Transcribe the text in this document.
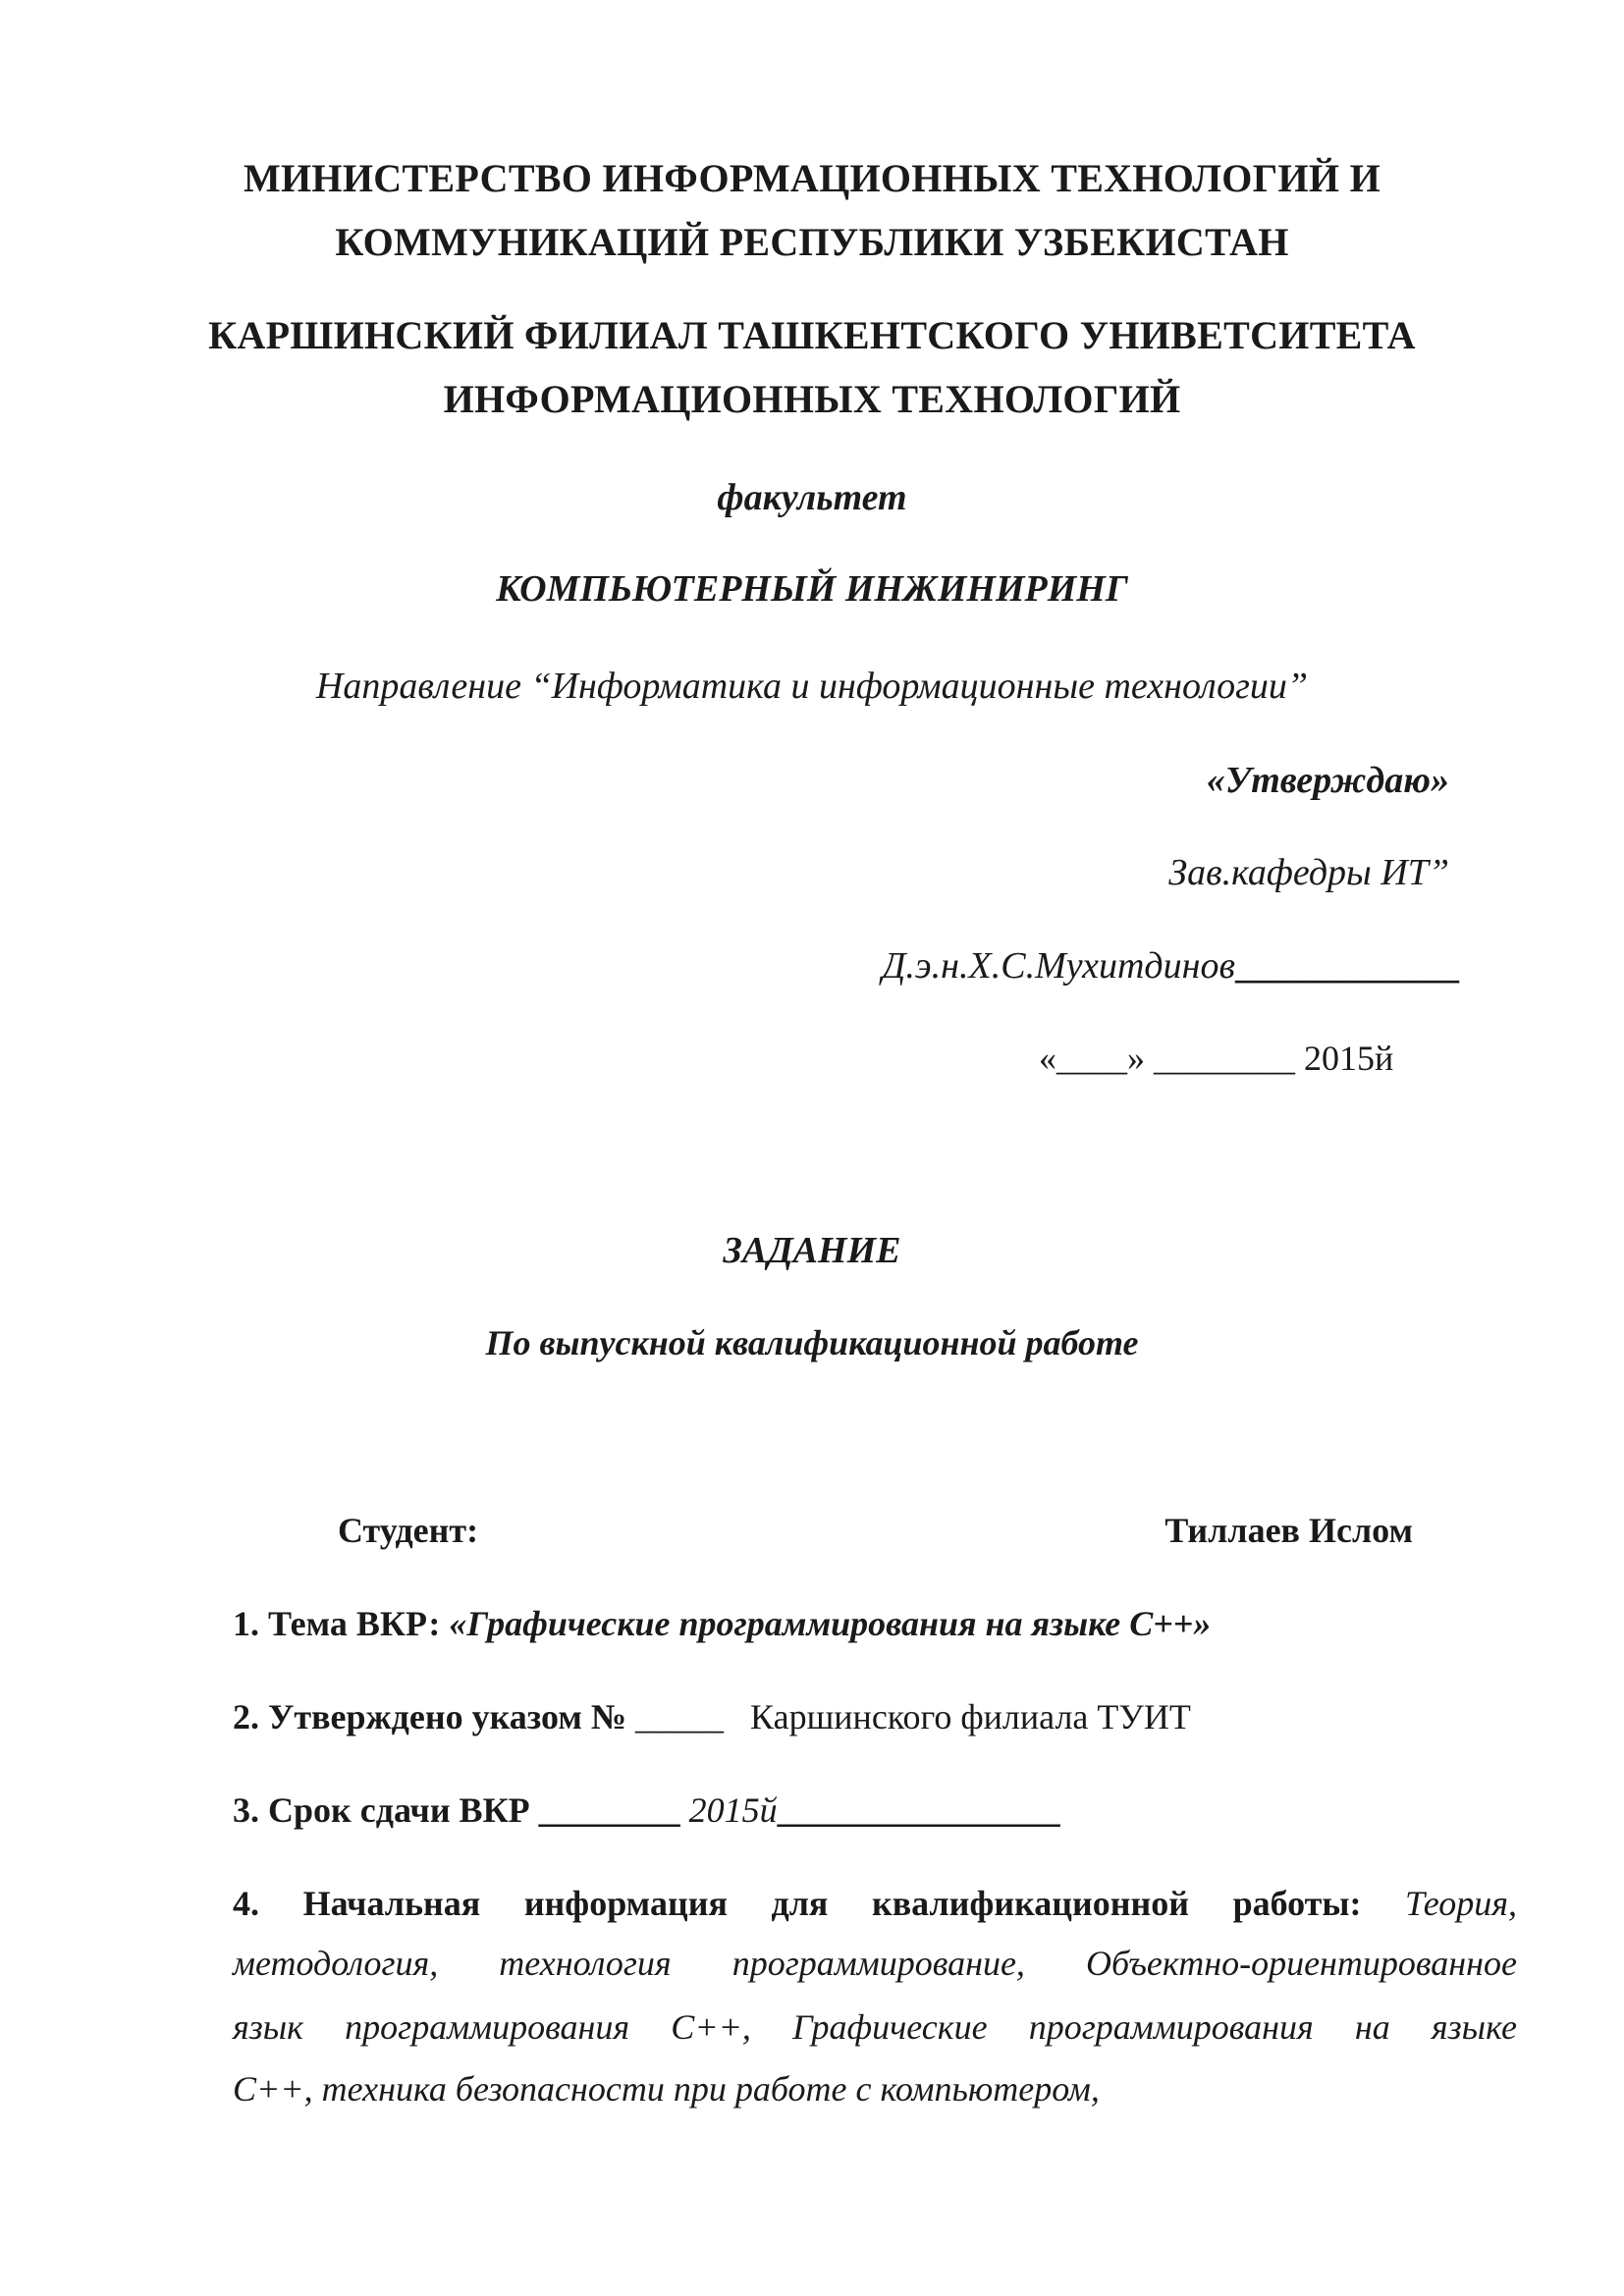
МИНИСТЕРСТВО ИНФОРМАЦИОННЫХ ТЕХНОЛОГИЙ И
КОММУНИКАЦИЙ РЕСПУБЛИКИ УЗБЕКИСТАН
КАРШИНСКИЙ ФИЛИАЛ ТАШКЕНТСКОГО УНИВЕТСИТЕТА
ИНФОРМАЦИОННЫХ ТЕХНОЛОГИЙ
факультет
КОМПЬЮТЕРНЫЙ ИНЖИНИРИНГ
Направление “Информатика и информационные технологии”
«Утверждаю»
Зав.кафедры ИТ”
Д.э.н.Х.С.Мухитдинов____________
«____» ________ 2015й
ЗАДАНИЕ
По выпускной квалификационной работе
Студент:	Тиллаев Ислом
1. Тема ВКР: «Графические программирования на языке С++»
2. Утверждено указом № _____   Каршинского филиала ТУИТ
3. Срок сдачи ВКР ________ 2015й________________
4. Начальная информация для квалификационной работы: Теория,
методология, технология программирование, Объектно-ориентированное
язык программирования С++, Графические программирования на языке
С++, техника безопасности при работе с компьютером,
